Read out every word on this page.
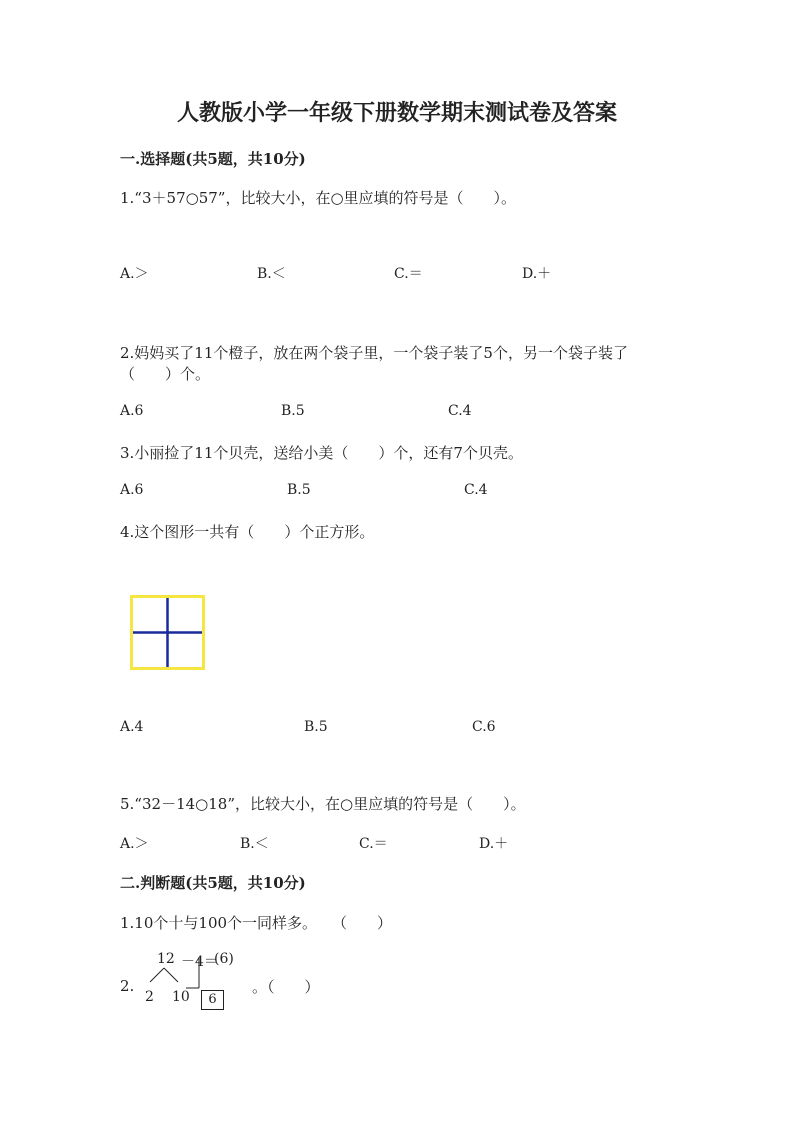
人教版小学一年级下册数学期末测试卷及答案
一.选择题(共5题，共10分)
1.“3＋57○57”，比较大小，在○里应填的符号是（　　）。
A.＞	B.＜	C.＝	D.＋
2.妈妈买了11个橙子，放在两个袋子里，一个袋子装了5个，另一个袋子装了
（　　）个。
A.6	B.5	C.4
3.小丽捡了11个贝壳，送给小美（　　）个，还有7个贝壳。
A.6	B.5	C.4
4.这个图形一共有（　　）个正方形。
A.4	B.5	C.6
5.“32－14○18”，比较大小，在○里应填的符号是（　　）。
A.＞	B.＜	C.＝	D.＋
二.判断题(共5题，共10分)
1.10个十与100个一同样多。　　（　　）
2.
12 －4＝
(6)
2 10	6
。（　　）
